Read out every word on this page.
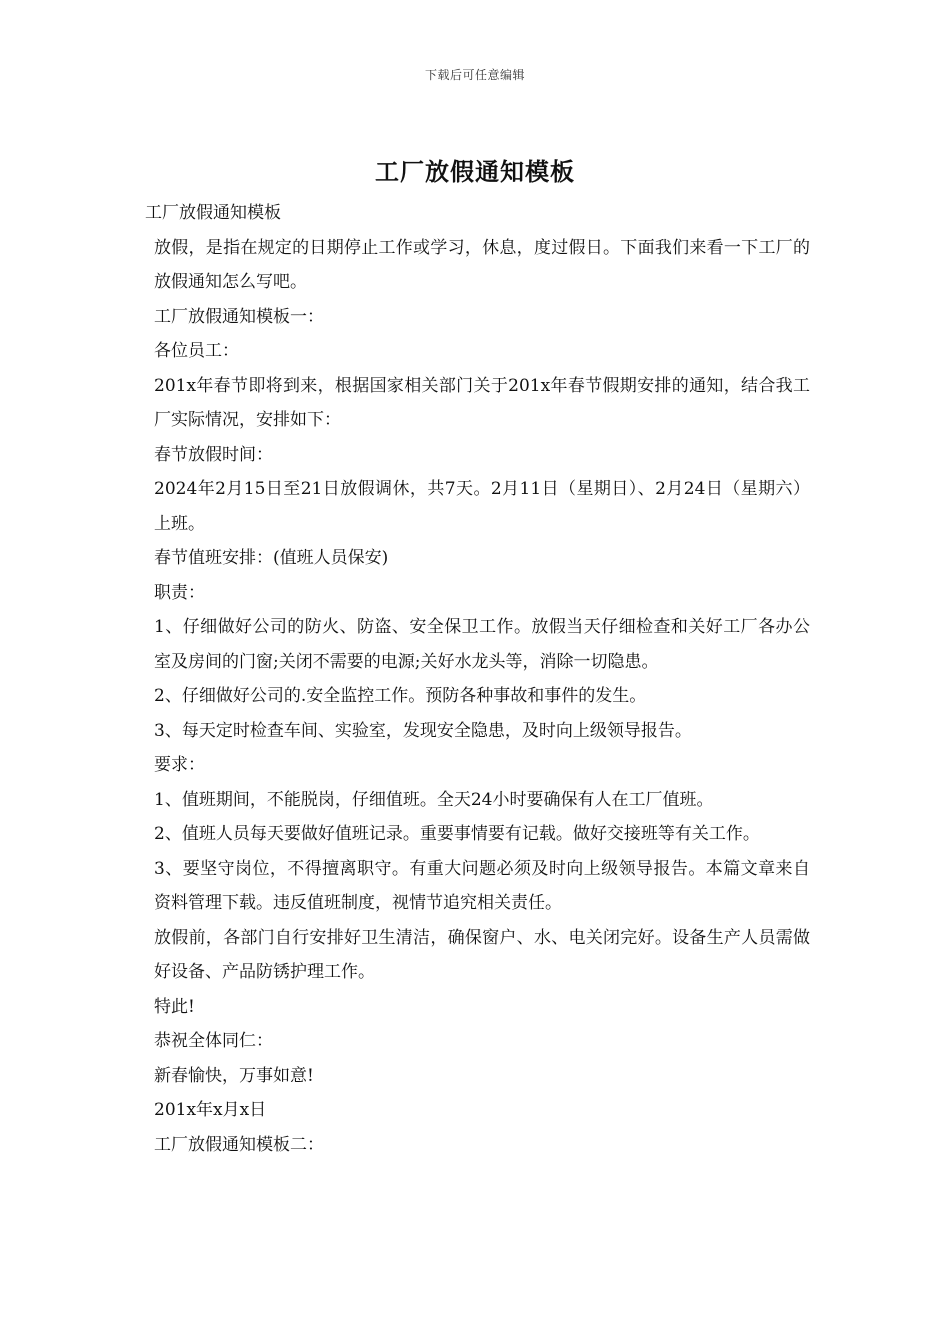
下载后可任意编辑
工厂放假通知模板

工厂放假通知模板

放假，是指在规定的日期停止工作或学习，休息，度过假日。下面我们来看一下工厂的放假通知怎么写吧。

工厂放假通知模板一：

各位员工：

201x年春节即将到来，根据国家相关部门关于201x年春节假期安排的通知，结合我工厂实际情况，安排如下：

春节放假时间：

2024年2月15日至21日放假调休，共7天。2月11日（星期日）、2月24日（星期六）上班。

春节值班安排：(值班人员保安)

职责：

1、仔细做好公司的防火、防盗、安全保卫工作。放假当天仔细检查和关好工厂各办公室及房间的门窗;关闭不需要的电源;关好水龙头等，消除一切隐患。

2、仔细做好公司的.安全监控工作。预防各种事故和事件的发生。

3、每天定时检查车间、实验室，发现安全隐患，及时向上级领导报告。

要求：

1、值班期间，不能脱岗，仔细值班。全天24小时要确保有人在工厂值班。

2、值班人员每天要做好值班记录。重要事情要有记载。做好交接班等有关工作。

3、要坚守岗位，不得擅离职守。有重大问题必须及时向上级领导报告。本篇文章来自资料管理下载。违反值班制度，视情节追究相关责任。

放假前，各部门自行安排好卫生清洁，确保窗户、水、电关闭完好。设备生产人员需做好设备、产品防锈护理工作。

特此!

恭祝全体同仁：

新春愉快，万事如意!

201x年x月x日

工厂放假通知模板二：
